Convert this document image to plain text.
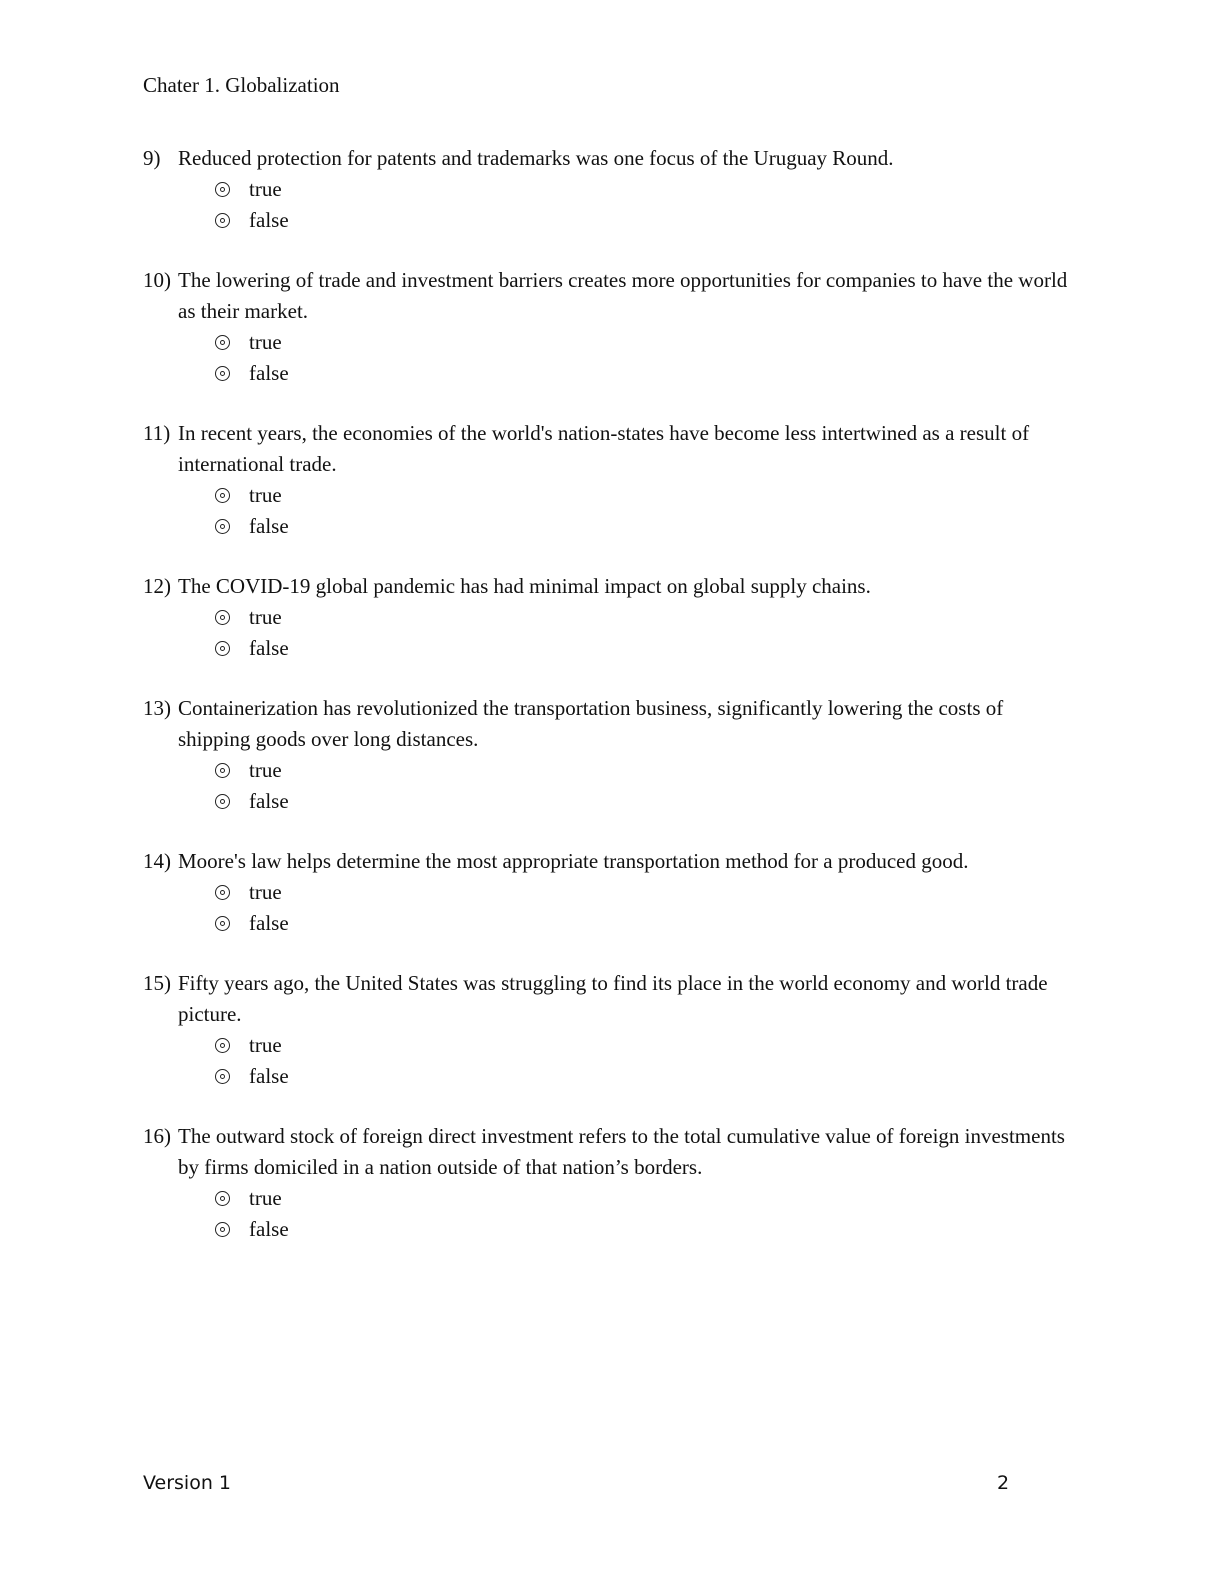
Chater 1. Globalization
9) Reduced protection for patents and trademarks was one focus of the Uruguay Round.
true
false
10) The lowering of trade and investment barriers creates more opportunities for companies to have the world as their market.
true
false
11) In recent years, the economies of the world's nation-states have become less intertwined as a result of international trade.
true
false
12) The COVID-19 global pandemic has had minimal impact on global supply chains.
true
false
13) Containerization has revolutionized the transportation business, significantly lowering the costs of shipping goods over long distances.
true
false
14) Moore's law helps determine the most appropriate transportation method for a produced good.
true
false
15) Fifty years ago, the United States was struggling to find its place in the world economy and world trade picture.
true
false
16) The outward stock of foreign direct investment refers to the total cumulative value of foreign investments by firms domiciled in a nation outside of that nation’s borders.
true
false
Version 1	2
